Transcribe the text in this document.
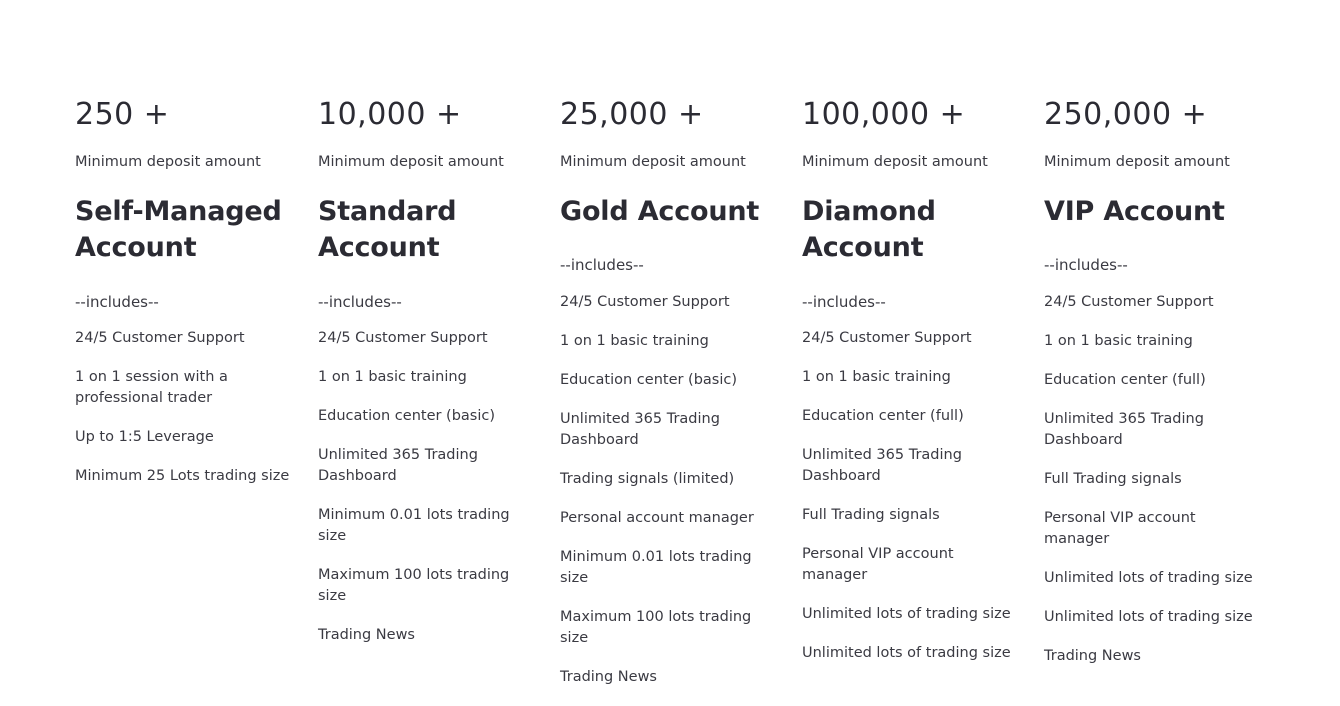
250 +
Minimum deposit amount
Self-Managed Account
--includes--
24/5 Customer Support
1 on 1 session with a professional trader
Up to 1:5 Leverage
Minimum 25 Lots trading size
10,000 +
Minimum deposit amount
Standard Account
--includes--
24/5 Customer Support
1 on 1 basic training
Education center (basic)
Unlimited 365 Trading Dashboard
Minimum 0.01 lots trading size
Maximum 100 lots trading size
Trading News
25,000 +
Minimum deposit amount
Gold Account
--includes--
24/5 Customer Support
1 on 1 basic training
Education center (basic)
Unlimited 365 Trading Dashboard
Trading signals (limited)
Personal account manager
Minimum 0.01 lots trading size
Maximum 100 lots trading size
Trading News
100,000 +
Minimum deposit amount
Diamond Account
--includes--
24/5 Customer Support
1 on 1 basic training
Education center (full)
Unlimited 365 Trading Dashboard
Full Trading signals
Personal VIP account manager
Unlimited lots of trading size
Unlimited lots of trading size
250,000 +
Minimum deposit amount
VIP Account
--includes--
24/5 Customer Support
1 on 1 basic training
Education center (full)
Unlimited 365 Trading Dashboard
Full Trading signals
Personal VIP account manager
Unlimited lots of trading size
Unlimited lots of trading size
Trading News
